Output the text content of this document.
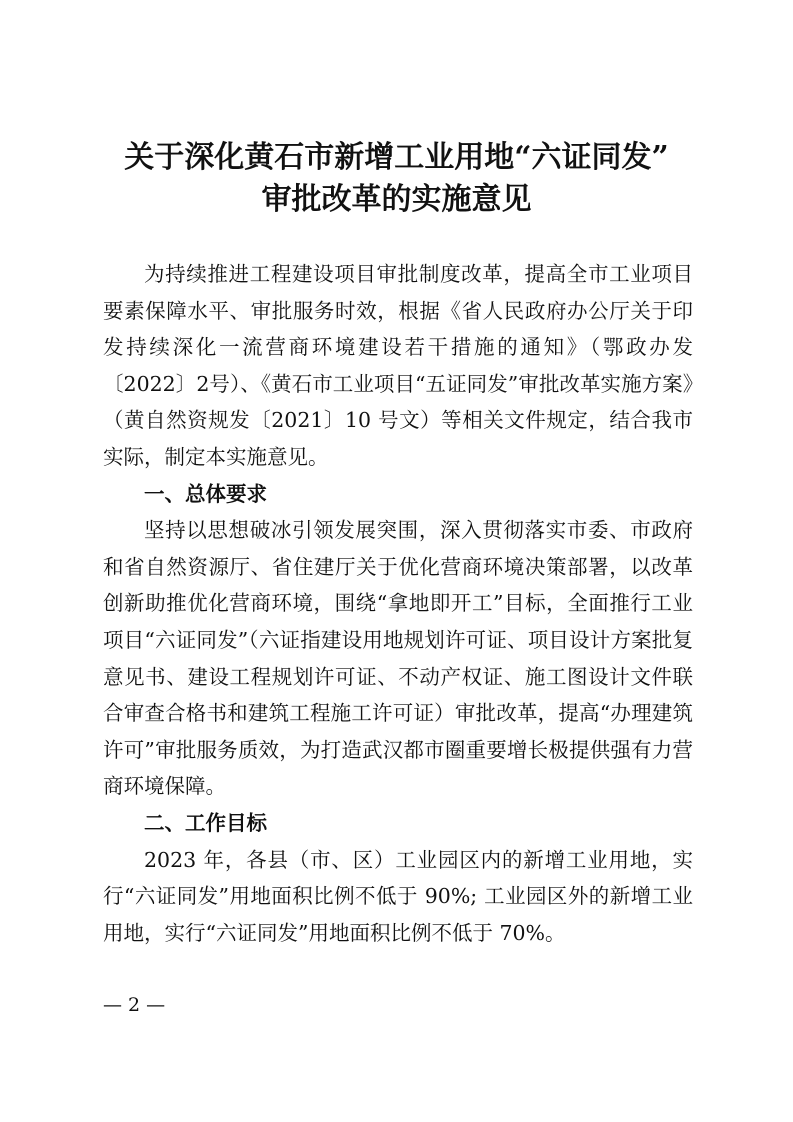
关于深化黄石市新增工业用地“六证同发”
审批改革的实施意见

为持续推进工程建设项目审批制度改革，提高全市工业项目要素保障水平、审批服务时效，根据《省人民政府办公厅关于印发持续深化一流营商环境建设若干措施的通知》（鄂政办发〔2022〕2号）、《黄石市工业项目“五证同发”审批改革实施方案》（黄自然资规发〔2021〕10 号文）等相关文件规定，结合我市实际，制定本实施意见。

一、总体要求

坚持以思想破冰引领发展突围，深入贯彻落实市委、市政府和省自然资源厅、省住建厅关于优化营商环境决策部署，以改革创新助推优化营商环境，围绕“拿地即开工”目标，全面推行工业项目“六证同发”（六证指建设用地规划许可证、项目设计方案批复意见书、建设工程规划许可证、不动产权证、施工图设计文件联合审查合格书和建筑工程施工许可证）审批改革，提高“办理建筑许可”审批服务质效，为打造武汉都市圈重要增长极提供强有力营商环境保障。

二、工作目标

2023 年，各县（市、区）工业园区内的新增工业用地，实行“六证同发”用地面积比例不低于 90%; 工业园区外的新增工业用地，实行“六证同发”用地面积比例不低于 70%。

— 2 —
